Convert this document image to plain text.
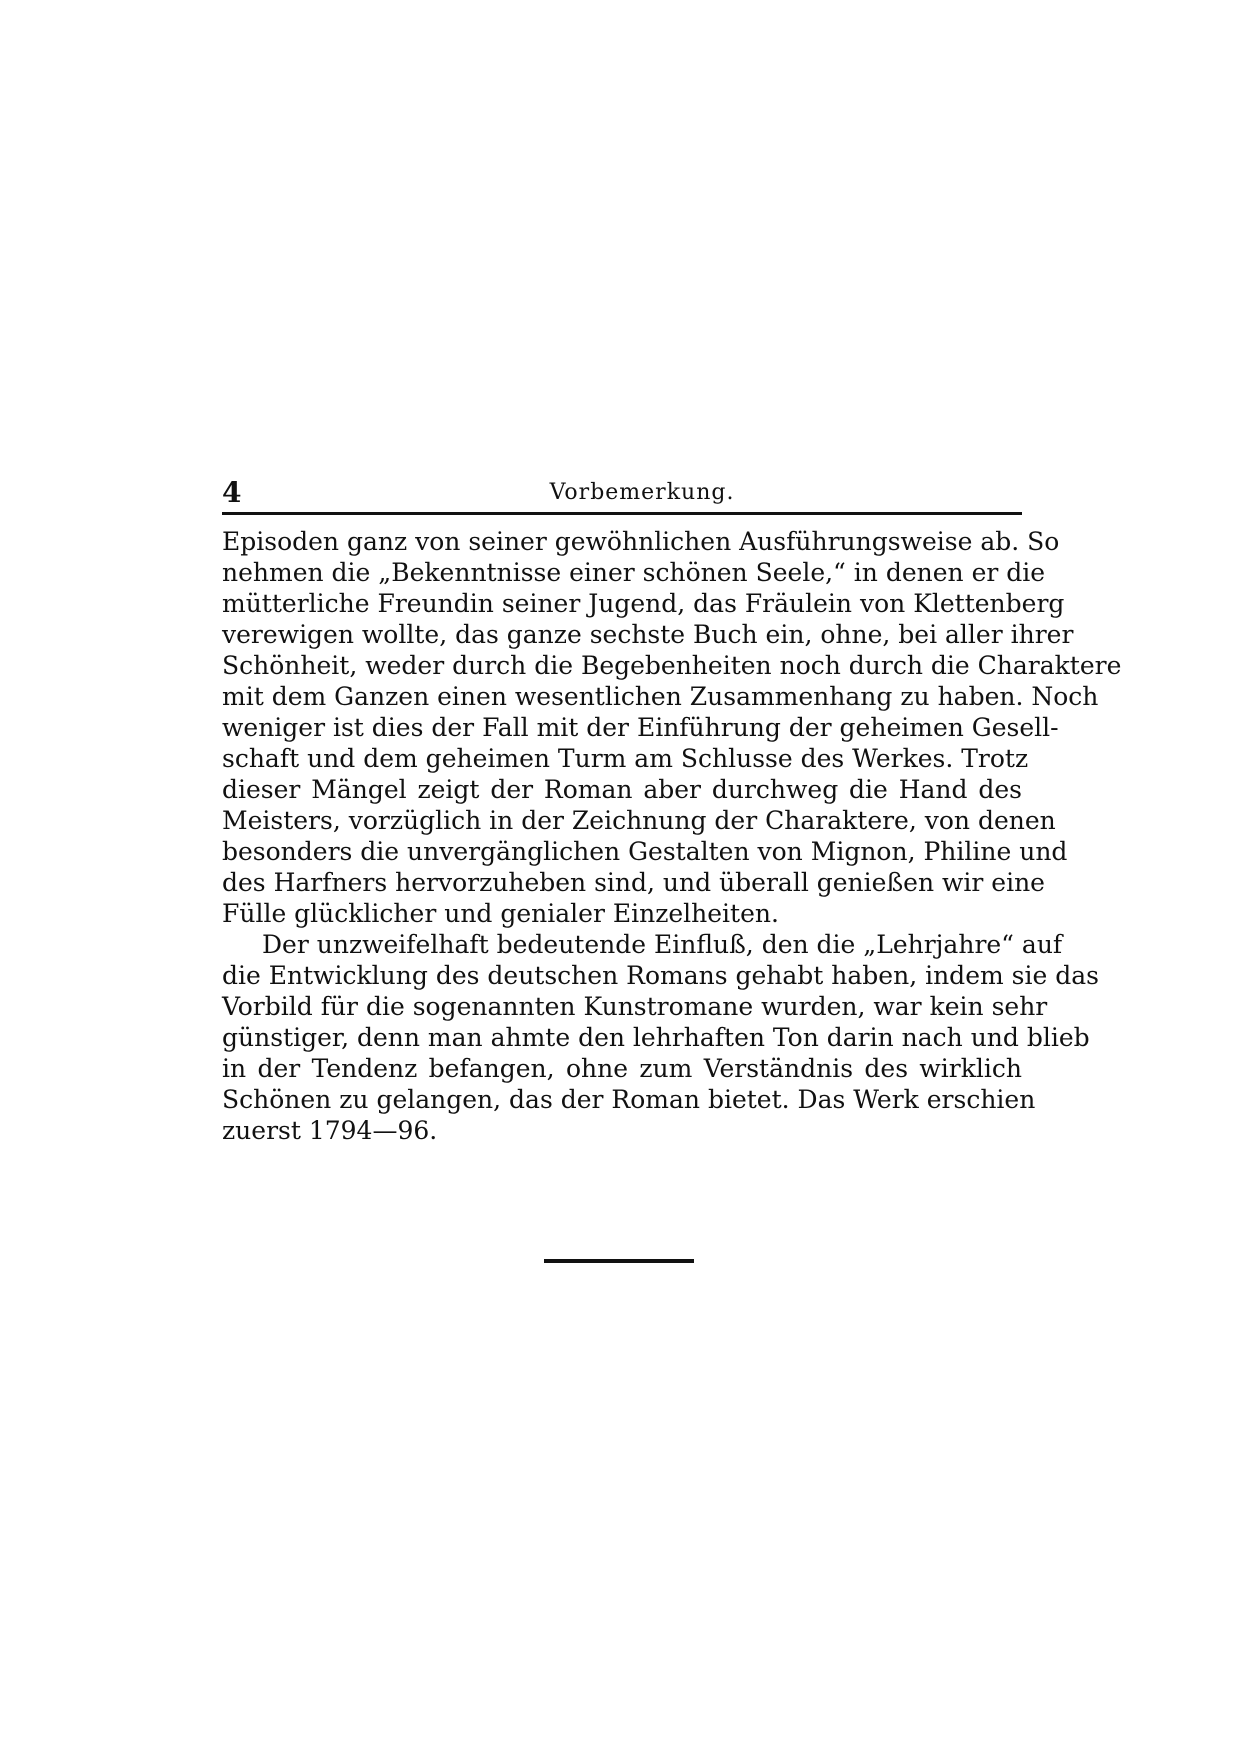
4	Vorbemerkung.
Episoden ganz von seiner gewöhnlichen Ausführungsweise ab. So
nehmen die „Bekenntnisse einer schönen Seele,“ in denen er die
mütterliche Freundin seiner Jugend, das Fräulein von Klettenberg
verewigen wollte, das ganze sechste Buch ein, ohne, bei aller ihrer
Schönheit, weder durch die Begebenheiten noch durch die Charaktere
mit dem Ganzen einen wesentlichen Zusammenhang zu haben. Noch
weniger ist dies der Fall mit der Einführung der geheimen Gesell-
schaft und dem geheimen Turm am Schlusse des Werkes. Trotz
dieser Mängel zeigt der Roman aber durchweg die Hand des
Meisters, vorzüglich in der Zeichnung der Charaktere, von denen
besonders die unvergänglichen Gestalten von Mignon, Philine und
des Harfners hervorzuheben sind, und überall genießen wir eine
Fülle glücklicher und genialer Einzelheiten.
Der unzweifelhaft bedeutende Einfluß, den die „Lehrjahre“ auf
die Entwicklung des deutschen Romans gehabt haben, indem sie das
Vorbild für die sogenannten Kunstromane wurden, war kein sehr
günstiger, denn man ahmte den lehrhaften Ton darin nach und blieb
in der Tendenz befangen, ohne zum Verständnis des wirklich
Schönen zu gelangen, das der Roman bietet. Das Werk erschien
zuerst 1794—96.
